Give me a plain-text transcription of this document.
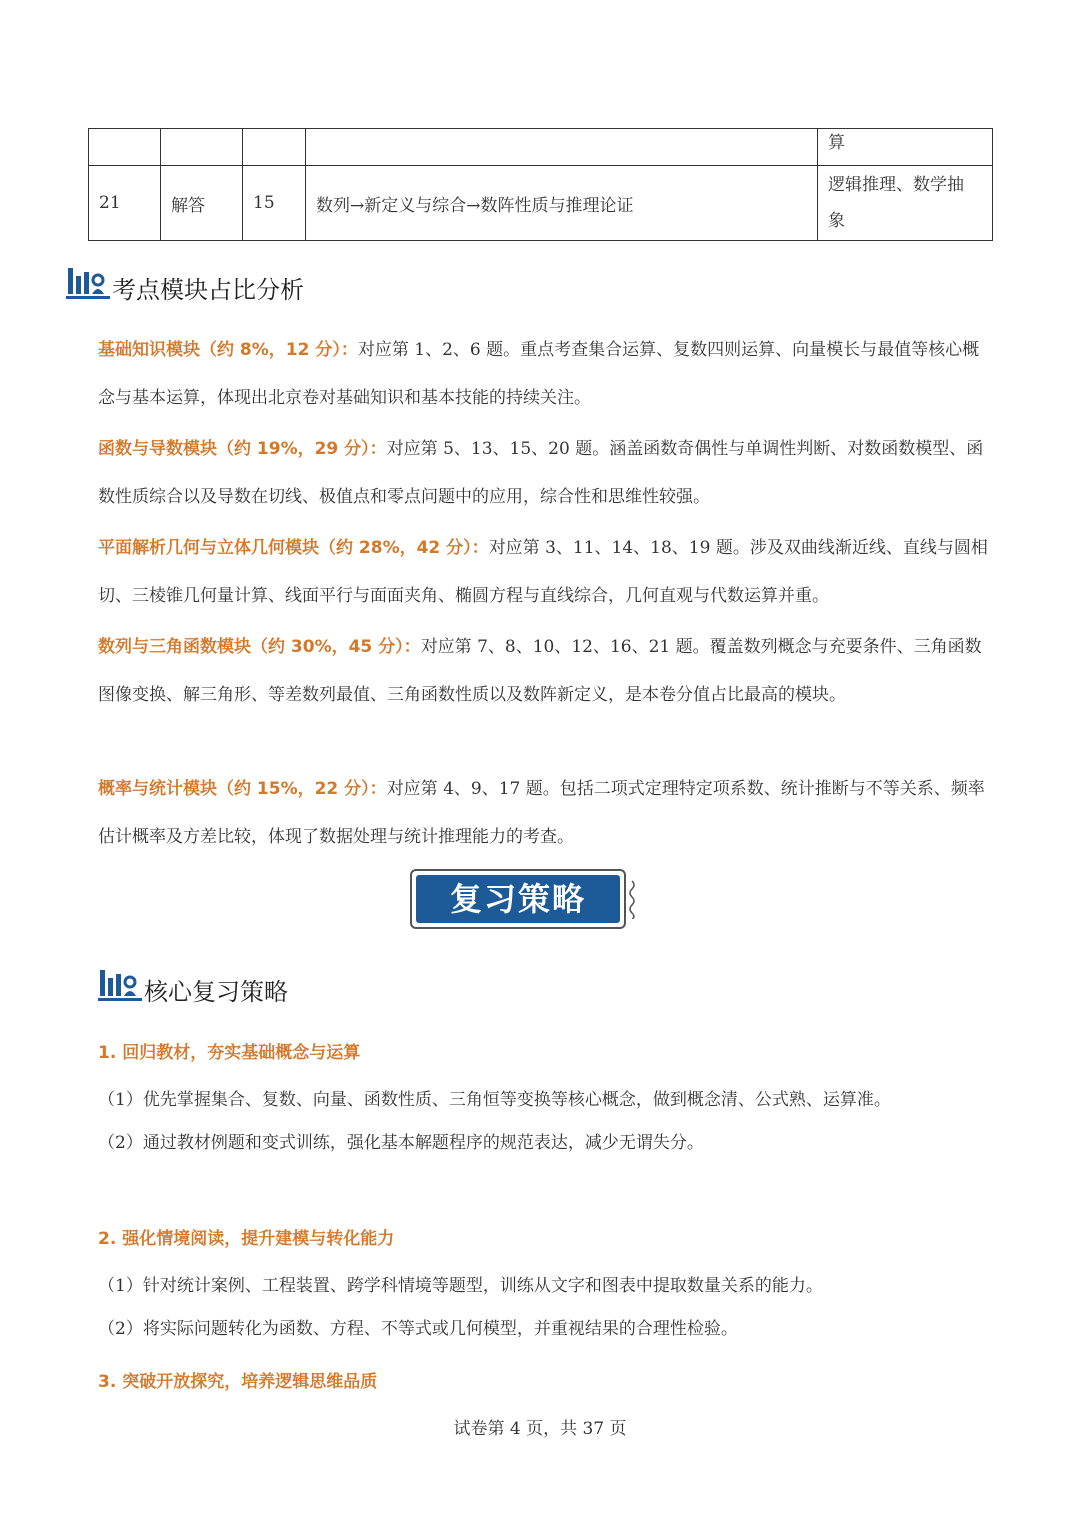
				算
21	解答	15	数列→新定义与综合→数阵性质与推理论证	逻辑推理、数学抽
象
考点模块占比分析
基础知识模块（约 8%，12 分）：对应第 1、2、6 题。重点考查集合运算、复数四则运算、向量模长与最值等核心概念与基本运算，体现出北京卷对基础知识和基本技能的持续关注。
函数与导数模块（约 19%，29 分）：对应第 5、13、15、20 题。涵盖函数奇偶性与单调性判断、对数函数模型、函数性质综合以及导数在切线、极值点和零点问题中的应用，综合性和思维性较强。
平面解析几何与立体几何模块（约 28%，42 分）：对应第 3、11、14、18、19 题。涉及双曲线渐近线、直线与圆相切、三棱锥几何量计算、线面平行与面面夹角、椭圆方程与直线综合，几何直观与代数运算并重。
数列与三角函数模块（约 30%，45 分）：对应第 7、8、10、12、16、21 题。覆盖数列概念与充要条件、三角函数图像变换、解三角形、等差数列最值、三角函数性质以及数阵新定义，是本卷分值占比最高的模块。
概率与统计模块（约 15%，22 分）：对应第 4、9、17 题。包括二项式定理特定项系数、统计推断与不等关系、频率估计概率及方差比较，体现了数据处理与统计推理能力的考查。
复习策略
核心复习策略
1. 回归教材，夯实基础概念与运算
（1）优先掌握集合、复数、向量、函数性质、三角恒等变换等核心概念，做到概念清、公式熟、运算准。
（2）通过教材例题和变式训练，强化基本解题程序的规范表达，减少无谓失分。
2. 强化情境阅读，提升建模与转化能力
（1）针对统计案例、工程装置、跨学科情境等题型，训练从文字和图表中提取数量关系的能力。
（2）将实际问题转化为函数、方程、不等式或几何模型，并重视结果的合理性检验。
3. 突破开放探究，培养逻辑思维品质
试卷第 4 页，共 37 页
